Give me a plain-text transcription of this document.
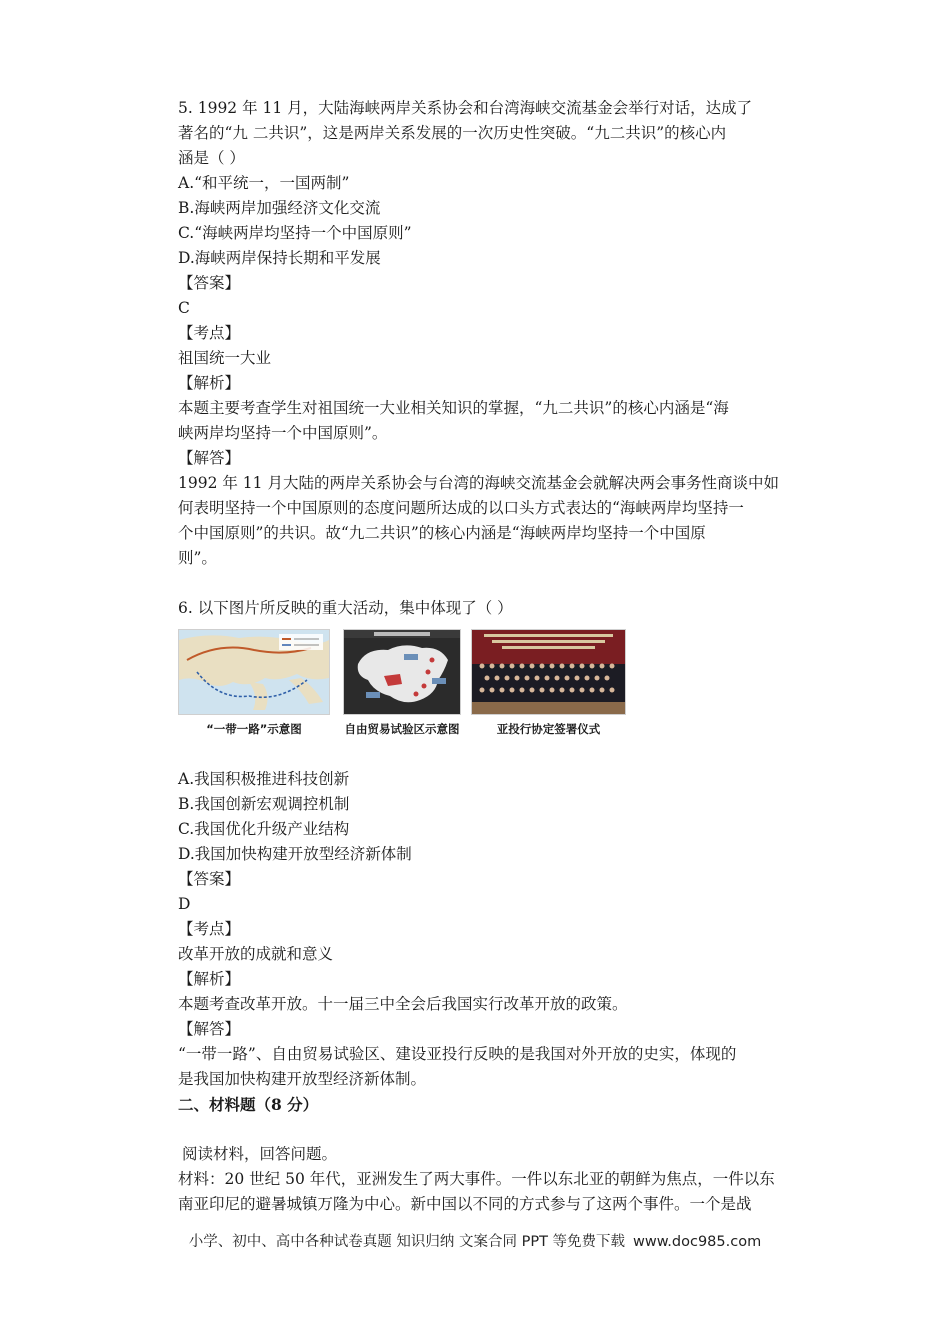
5. 1992 年 11 月，大陆海峡两岸关系协会和台湾海峡交流基金会举行对话，达成了
著名的“九 二共识”，这是两岸关系发展的一次历史性突破。“九二共识”的核心内
涵是（ ）
A.“和平统一，一国两制”
B.海峡两岸加强经济文化交流
C.“海峡两岸均坚持一个中国原则”
D.海峡两岸保持长期和平发展
【答案】
C
【考点】
祖国统一大业
【解析】
本题主要考查学生对祖国统一大业相关知识的掌握，“九二共识”的核心内涵是“海
峡两岸均坚持一个中国原则”。
【解答】
1992 年 11 月大陆的两岸关系协会与台湾的海峡交流基金会就解决两会事务性商谈中如
何表明坚持一个中国原则的态度问题所达成的以口头方式表达的“海峡两岸均坚持一
个中国原则”的共识。故“九二共识”的核心内涵是“海峡两岸均坚持一个中国原
则”。
6. 以下图片所反映的重大活动，集中体现了（ ）
“一带一路”示意图	自由贸易试验区示意图	亚投行协定签署仪式
A.我国积极推进科技创新
B.我国创新宏观调控机制
C.我国优化升级产业结构
D.我国加快构建开放型经济新体制
【答案】
D
【考点】
改革开放的成就和意义
【解析】
本题考查改革开放。十一届三中全会后我国实行改革开放的政策。
【解答】
“一带一路”、自由贸易试验区、建设亚投行反映的是我国对外开放的史实，体现的
是我国加快构建开放型经济新体制。
二、材料题（8 分）
阅读材料，回答问题。
材料：20 世纪 50 年代，亚洲发生了两大事件。一件以东北亚的朝鲜为焦点，一件以东
南亚印尼的避暑城镇万隆为中心。新中国以不同的方式参与了这两个事件。一个是战
小学、初中、高中各种试卷真题 知识归纳 文案合同 PPT 等免费下载 www.doc985.com
